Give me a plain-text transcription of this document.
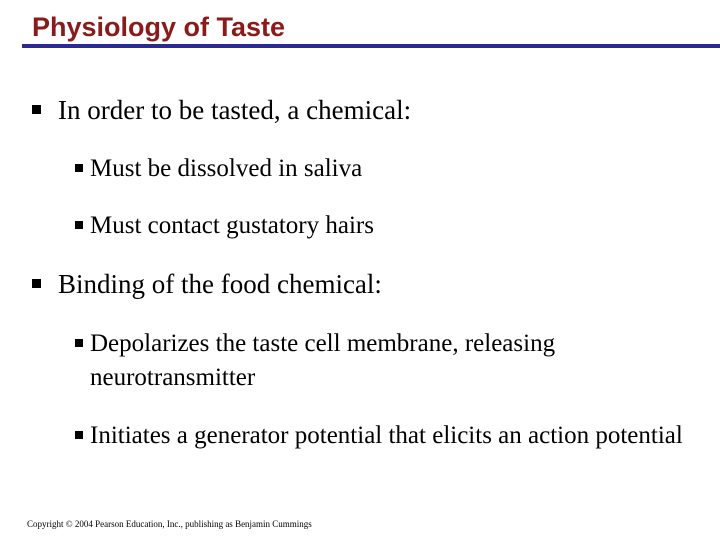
Physiology of Taste
In order to be tasted, a chemical:
Must be dissolved in saliva
Must contact gustatory hairs
Binding of the food chemical:
Depolarizes the taste cell membrane, releasing neurotransmitter
Initiates a generator potential that elicits an action potential
Copyright © 2004 Pearson Education, Inc., publishing as Benjamin Cummings
